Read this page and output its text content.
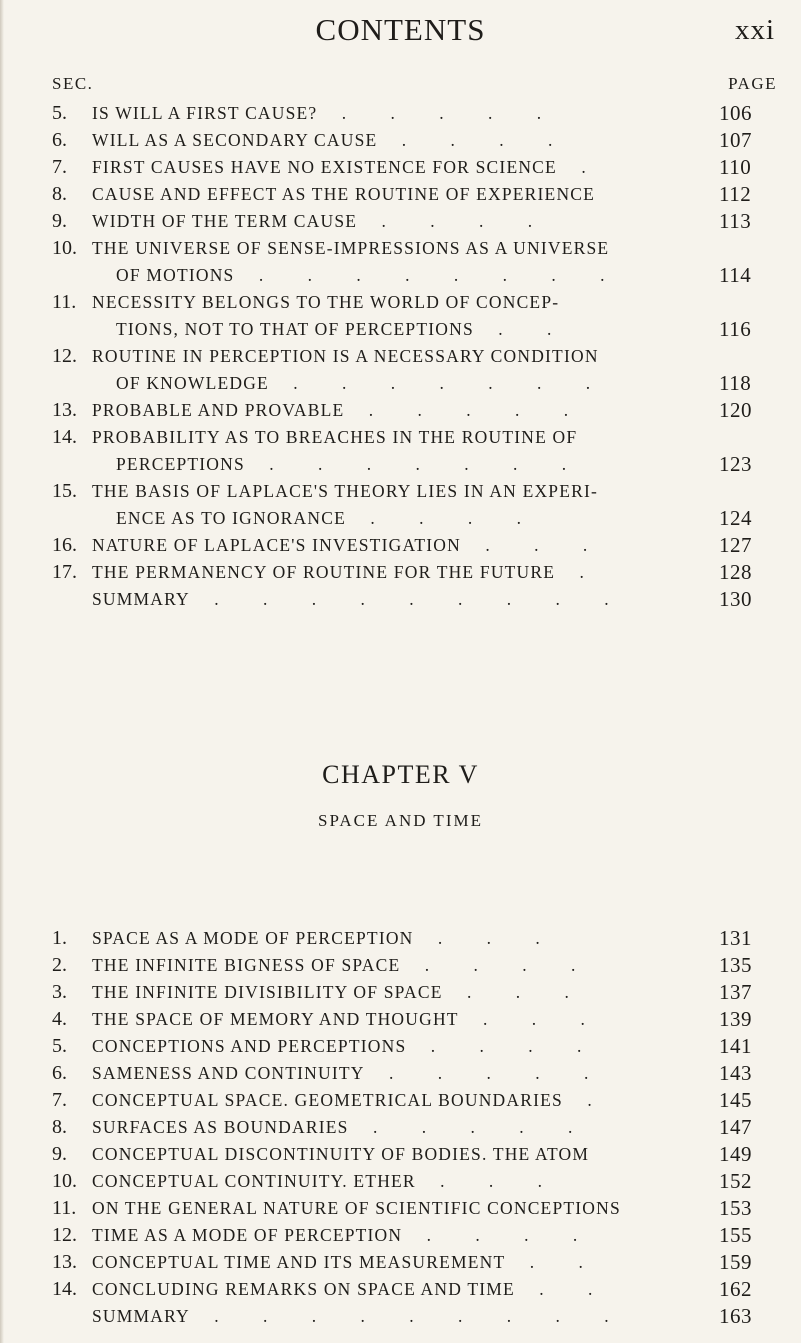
CONTENTS	xxi
SEC.	PAGE
5.	IS WILL A FIRST CAUSE? . . . . .	106
6.	WILL AS A SECONDARY CAUSE . . . .	107
7.	FIRST CAUSES HAVE NO EXISTENCE FOR SCIENCE .	110
8.	CAUSE AND EFFECT AS THE ROUTINE OF EXPERIENCE	112
9.	WIDTH OF THE TERM CAUSE . . . .	113
10. THE UNIVERSE OF SENSE-IMPRESSIONS AS A UNIVERSE
OF MOTIONS . . . . . . . .	114
11. NECESSITY BELONGS TO THE WORLD OF CONCEP-
TIONS, NOT TO THAT OF PERCEPTIONS . .	116
12. ROUTINE IN PERCEPTION IS A NECESSARY CONDITION
OF KNOWLEDGE . . . . . . .	118
13. PROBABLE AND PROVABLE . . . . .	120
14. PROBABILITY AS TO BREACHES IN THE ROUTINE OF
PERCEPTIONS . . . . . . .	123
15. THE BASIS OF LAPLACE'S THEORY LIES IN AN EXPERI-
ENCE AS TO IGNORANCE . . . .	124
16. NATURE OF LAPLACE'S INVESTIGATION . . .	127
17. THE PERMANENCY OF ROUTINE FOR THE FUTURE .	128
SUMMARY . . . . . . . . .	130
CHAPTER V
SPACE AND TIME
1.	SPACE AS A MODE OF PERCEPTION . . .	131
2.	THE INFINITE BIGNESS OF SPACE . . . .	135
3.	THE INFINITE DIVISIBILITY OF SPACE . . .	137
4.	THE SPACE OF MEMORY AND THOUGHT . . .	139
5.	CONCEPTIONS AND PERCEPTIONS . . . .	141
6.	SAMENESS AND CONTINUITY . . . . .	143
7.	CONCEPTUAL SPACE. GEOMETRICAL BOUNDARIES .	145
8.	SURFACES AS BOUNDARIES . . . . .	147
9.	CONCEPTUAL DISCONTINUITY OF BODIES. THE ATOM	149
10. CONCEPTUAL CONTINUITY. ETHER . . .	152
11. ON THE GENERAL NATURE OF SCIENTIFIC CONCEPTIONS	153
12. TIME AS A MODE OF PERCEPTION . . . .	155
13. CONCEPTUAL TIME AND ITS MEASUREMENT . .	159
14. CONCLUDING REMARKS ON SPACE AND TIME . .	162
SUMMARY . . . . . . . . .	163
